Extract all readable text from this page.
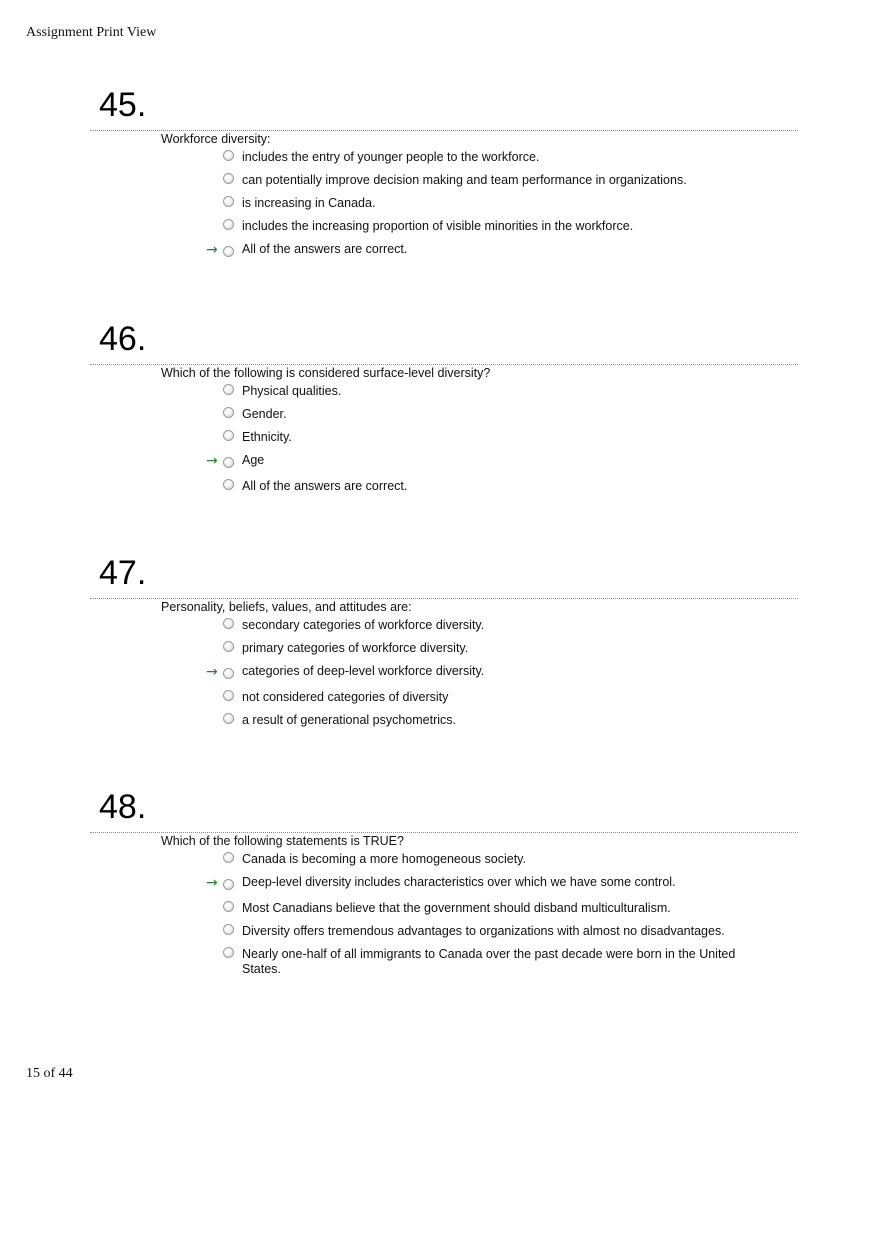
Assignment Print View
45.
Workforce diversity:
includes the entry of younger people to the workforce.
can potentially improve decision making and team performance in organizations.
is increasing in Canada.
includes the increasing proportion of visible minorities in the workforce.
→ All of the answers are correct.
46.
Which of the following is considered surface-level diversity?
Physical qualities.
Gender.
Ethnicity.
→ Age
All of the answers are correct.
47.
Personality, beliefs, values, and attitudes are:
secondary categories of workforce diversity.
primary categories of workforce diversity.
→ categories of deep-level workforce diversity.
not considered categories of diversity
a result of generational psychometrics.
48.
Which of the following statements is TRUE?
Canada is becoming a more homogeneous society.
→ Deep-level diversity includes characteristics over which we have some control.
Most Canadians believe that the government should disband multiculturalism.
Diversity offers tremendous advantages to organizations with almost no disadvantages.
Nearly one-half of all immigrants to Canada over the past decade were born in the United States.
15 of 44
